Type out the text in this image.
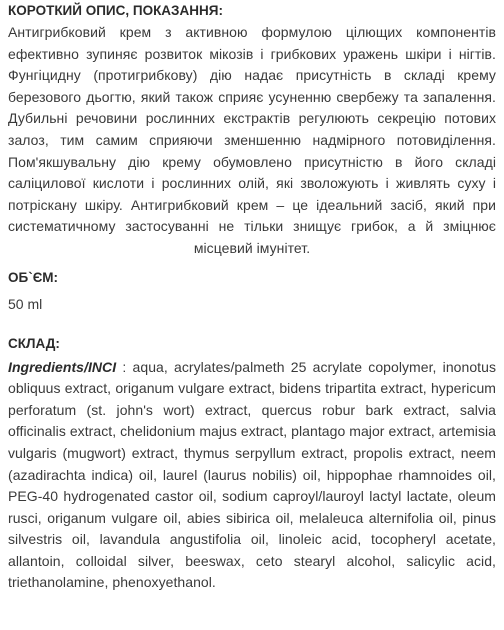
КОРОТКИЙ ОПИС, ПОКАЗАННЯ:

Антигрибковий крем з активною формулою цілющих компонентів ефективно зупиняє розвиток мікозів і грибкових уражень шкіри і нігтів. Фунгіцидну (протигрибкову) дію надає присутність в складі крему березового дьогтю, який також сприяє усуненню свербежу та запалення. Дубильні речовини рослинних екстрактів регулюють секрецію потових залоз, тим самим сприяючи зменшенню надмірного потовиділення. Пом'якшувальну дію крему обумовлено присутністю в його складі саліцилової кислоти і рослинних олій, які зволожують і живлять суху і потріскану шкіру. Антигрибковий крем – це ідеальний засіб, який при систематичному застосуванні не тільки знищує грибок, а й зміцнює місцевий імунітет.

ОБ`ЄМ:

50 ml

СКЛАД:

Ingredients/INCI : aqua, acrylates/palmeth 25 acrylate copolymer, inonotus obliquus extract, origanum vulgare extract, bidens tripartita extract, hypericum perforatum (st. john's wort) extract, quercus robur bark extract, salvia officinalis extract, chelidonium majus extract, plantago major extract, artemisia vulgaris (mugwort) extract, thymus serpyllum extract, propolis extract, neem (azadirachta indica) oil, laurel (laurus nobilis) oil, hippophae rhamnoides oil, PEG-40 hydrogenated castor oil, sodium caproyl/lauroyl lactyl lactate, oleum rusci, origanum vulgare oil, abies sibirica oil, melaleuca alternifolia oil, pinus silvestris oil, lavandula angustifolia oil, linoleic acid, tocopheryl acetate, allantoin, colloidal silver, beeswax, ceto stearyl alcohol, salicylic acid, triethanolamine, phenoxyethanol.
